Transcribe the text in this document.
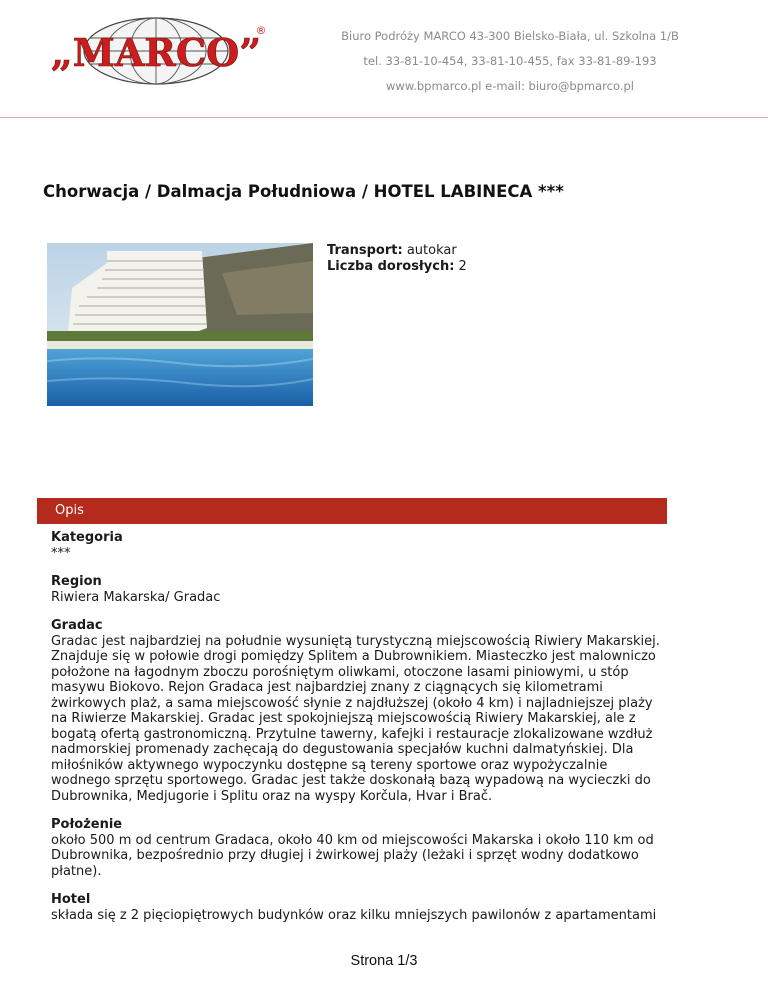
„MARCO”
®	Biuro Podróży MARCO 43-300 Bielsko-Biała, ul. Szkolna 1/B
tel. 33-81-10-454, 33-81-10-455, fax 33-81-89-193
www.bpmarco.pl e-mail: biuro@bpmarco.pl
Chorwacja / Dalmacja Południowa / HOTEL LABINECA ***
Transport: autokar
Liczba dorosłych: 2
Opis
Kategoria
***
Region
Riwiera Makarska/ Gradac
Gradac
Gradac jest najbardziej na południe wysuniętą turystyczną miejscowością Riwiery Makarskiej.
Znajduje się w połowie drogi pomiędzy Splitem a Dubrownikiem. Miasteczko jest malowniczo
położone na łagodnym zboczu porośniętym oliwkami, otoczone lasami piniowymi, u stóp
masywu Biokovo. Rejon Gradaca jest najbardziej znany z ciągnących się kilometrami
żwirkowych plaż, a sama miejscowość słynie z najdłuższej (około 4 km) i najladniejszej plaży
na Riwierze Makarskiej. Gradac jest spokojniejszą miejscowością Riwiery Makarskiej, ale z
bogatą ofertą gastronomiczną. Przytulne tawerny, kafejki i restauracje zlokalizowane wzdłuż
nadmorskiej promenady zachęcają do degustowania specjałów kuchni dalmatyńskiej. Dla
miłośników aktywnego wypoczynku dostępne są tereny sportowe oraz wypożyczalnie
wodnego sprzętu sportowego. Gradac jest także doskonałą bazą wypadową na wycieczki do
Dubrownika, Medjugorie i Splitu oraz na wyspy Korčula, Hvar i Brač.
Położenie
około 500 m od centrum Gradaca, około 40 km od miejscowości Makarska i około 110 km od
Dubrownika, bezpośrednio przy długiej i żwirkowej plaży (leżaki i sprzęt wodny dodatkowo
płatne).
Hotel
składa się z 2 pięciopiętrowych budynków oraz kilku mniejszych pawilonów z apartamentami
Strona 1/3
